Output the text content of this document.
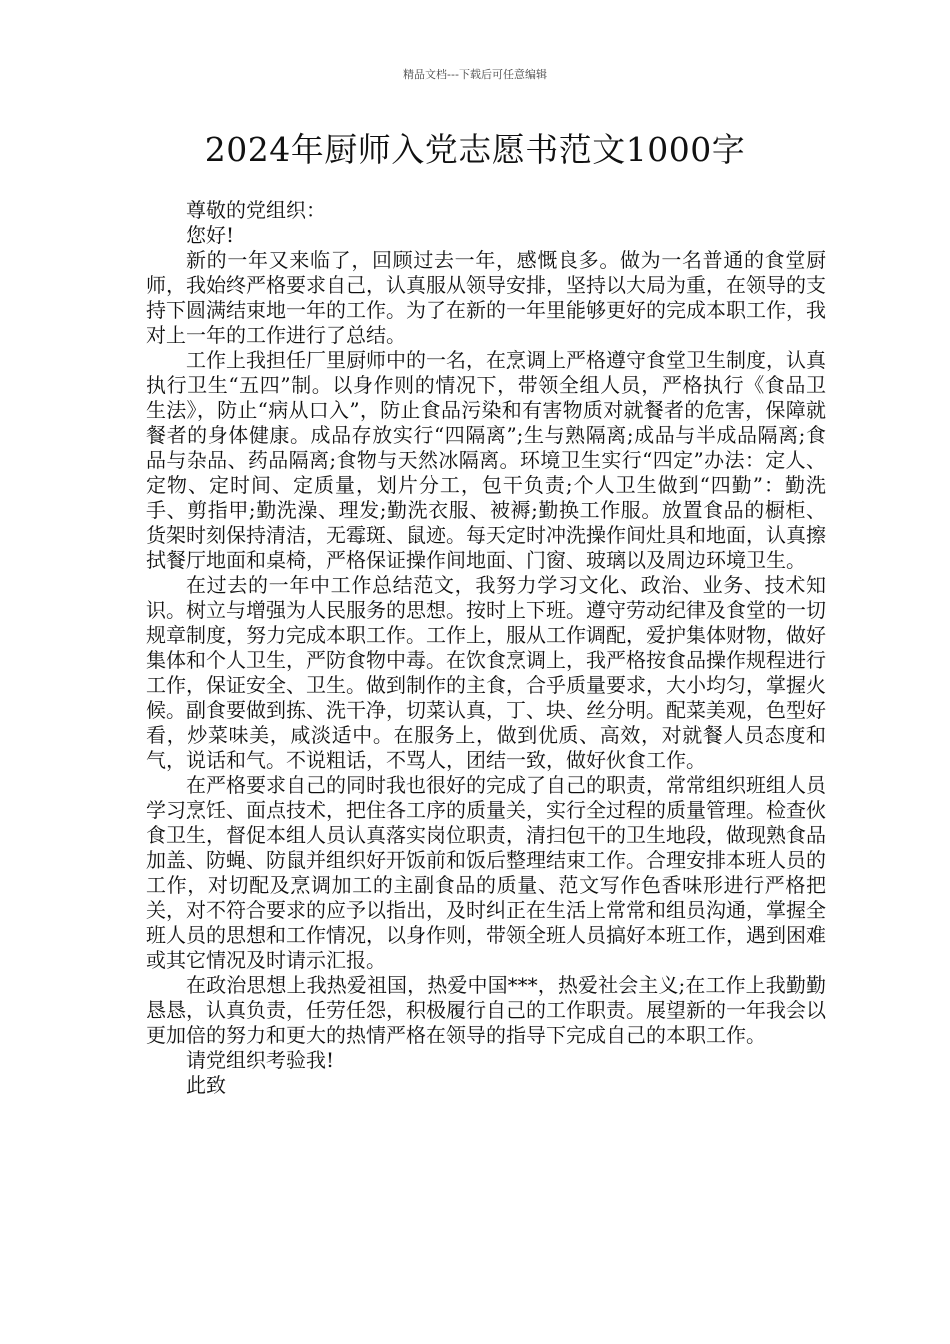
精品文档---下载后可任意编辑
2024年厨师入党志愿书范文1000字

尊敬的党组织：

您好!

新的一年又来临了，回顾过去一年，感慨良多。做为一名普通的食堂厨师，我始终严格要求自己，认真服从领导安排，坚持以大局为重，在领导的支持下圆满结束地一年的工作。为了在新的一年里能够更好的完成本职工作，我对上一年的工作进行了总结。

工作上我担任厂里厨师中的一名，在烹调上严格遵守食堂卫生制度，认真执行卫生“五四”制。以身作则的情况下，带领全组人员，严格执行《食品卫生法》，防止“病从口入”，防止食品污染和有害物质对就餐者的危害，保障就餐者的身体健康。成品存放实行“四隔离”;生与熟隔离;成品与半成品隔离;食品与杂品、药品隔离;食物与天然冰隔离。环境卫生实行“四定”办法：定人、定物、定时间、定质量，划片分工，包干负责;个人卫生做到“四勤”：勤洗手、剪指甲;勤洗澡、理发;勤洗衣服、被褥;勤换工作服。放置食品的橱柜、货架时刻保持清洁，无霉斑、鼠迹。每天定时冲洗操作间灶具和地面，认真擦拭餐厅地面和桌椅，严格保证操作间地面、门窗、玻璃以及周边环境卫生。

在过去的一年中工作总结范文，我努力学习文化、政治、业务、技术知识。树立与增强为人民服务的思想。按时上下班。遵守劳动纪律及食堂的一切规章制度，努力完成本职工作。工作上，服从工作调配，爱护集体财物，做好集体和个人卫生，严防食物中毒。在饮食烹调上，我严格按食品操作规程进行工作，保证安全、卫生。做到制作的主食，合乎质量要求，大小均匀，掌握火候。副食要做到拣、洗干净，切菜认真，丁、块、丝分明。配菜美观，色型好看，炒菜味美，咸淡适中。在服务上，做到优质、高效，对就餐人员态度和气，说话和气。不说粗话，不骂人，团结一致，做好伙食工作。

在严格要求自己的同时我也很好的完成了自己的职责，常常组织班组人员学习烹饪、面点技术，把住各工序的质量关，实行全过程的质量管理。检查伙食卫生，督促本组人员认真落实岗位职责，清扫包干的卫生地段，做现熟食品加盖、防蝇、防鼠并组织好开饭前和饭后整理结束工作。合理安排本班人员的工作，对切配及烹调加工的主副食品的质量、范文写作色香味形进行严格把关，对不符合要求的应予以指出，及时纠正在生活上常常和组员沟通，掌握全班人员的思想和工作情况，以身作则，带领全班人员搞好本班工作，遇到困难或其它情况及时请示汇报。

在政治思想上我热爱祖国，热爱中国***，热爱社会主义;在工作上我勤勤恳恳，认真负责，任劳任怨，积极履行自己的工作职责。展望新的一年我会以更加倍的努力和更大的热情严格在领导的指导下完成自己的本职工作。

请党组织考验我!

此致
